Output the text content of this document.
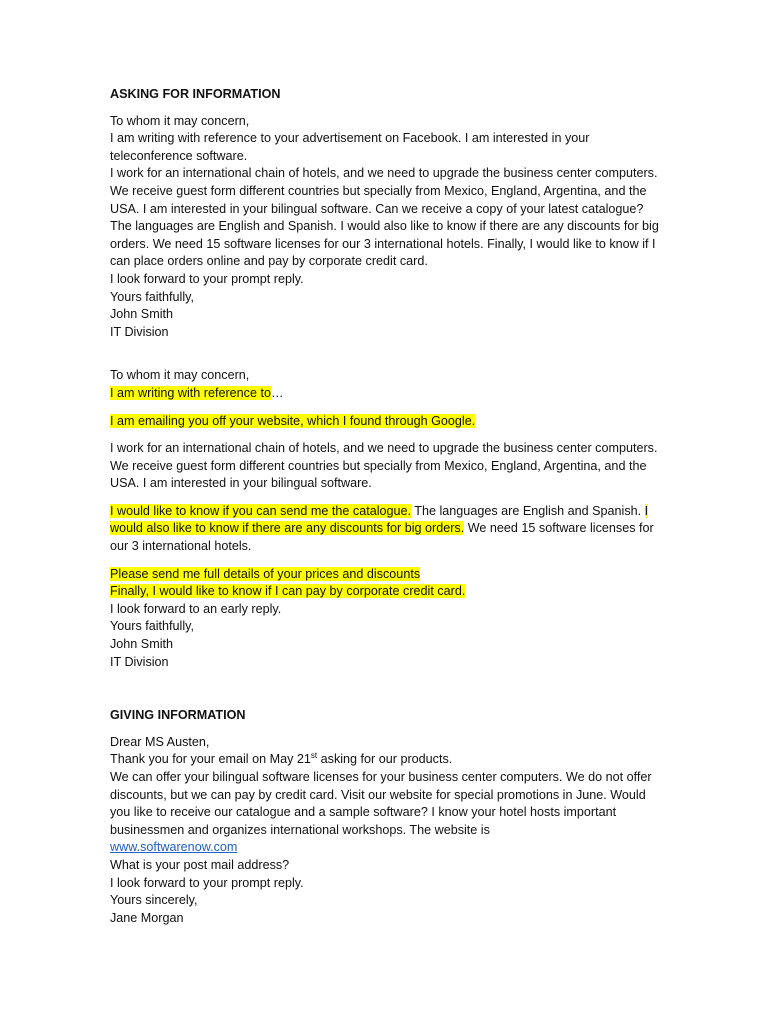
ASKING FOR INFORMATION

To whom it may concern,

I am writing with reference to your advertisement on Facebook. I am interested in your teleconference software.

I work for an international chain of hotels, and we need to upgrade the business center computers. We receive guest form different countries but specially from Mexico, England, Argentina, and the USA. I am interested in your bilingual software. Can we receive a copy of your latest catalogue? The languages are English and Spanish. I would also like to know if there are any discounts for big orders. We need 15 software licenses for our 3 international hotels. Finally, I would like to know if I can place orders online and pay by corporate credit card.

I look forward to your prompt reply.

Yours faithfully,

John Smith

IT Division

To whom it may concern,

I am writing with reference to…

I am emailing you off your website, which I found through Google.

I work for an international chain of hotels, and we need to upgrade the business center computers. We receive guest form different countries but specially from Mexico, England, Argentina, and the USA. I am interested in your bilingual software.

I would like to know if you can send me the catalogue. The languages are English and Spanish. I would also like to know if there are any discounts for big orders. We need 15 software licenses for our 3 international hotels.

Please send me full details of your prices and discounts

Finally, I would like to know if I can pay by corporate credit card.

I look forward to an early reply.

Yours faithfully,

John Smith

IT Division

GIVING INFORMATION

Drear MS Austen,

Thank you for your email on May 21st asking for our products.

We can offer your bilingual software licenses for your business center computers. We do not offer discounts, but we can pay by credit card. Visit our website for special promotions in June. Would you like to receive our catalogue and a sample software? I know your hotel hosts important businessmen and organizes international workshops. The website is

www.softwarenow.com

What is your post mail address?

I look forward to your prompt reply.

Yours sincerely,

Jane Morgan
